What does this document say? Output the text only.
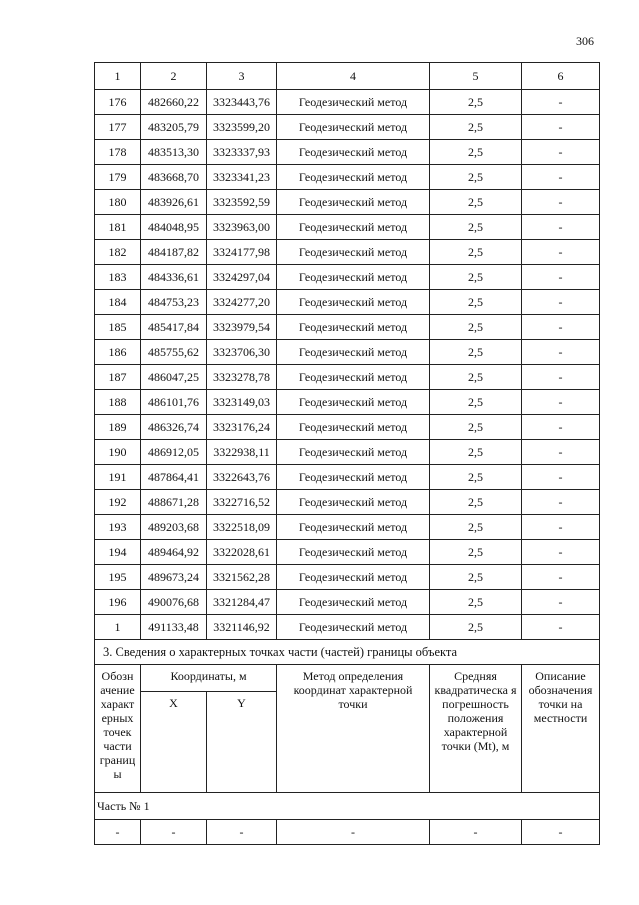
306
1	2	3	4	5	6
176	482660,22	3323443,76	Геодезический метод	2,5	-
177	483205,79	3323599,20	Геодезический метод	2,5	-
178	483513,30	3323337,93	Геодезический метод	2,5	-
179	483668,70	3323341,23	Геодезический метод	2,5	-
180	483926,61	3323592,59	Геодезический метод	2,5	-
181	484048,95	3323963,00	Геодезический метод	2,5	-
182	484187,82	3324177,98	Геодезический метод	2,5	-
183	484336,61	3324297,04	Геодезический метод	2,5	-
184	484753,23	3324277,20	Геодезический метод	2,5	-
185	485417,84	3323979,54	Геодезический метод	2,5	-
186	485755,62	3323706,30	Геодезический метод	2,5	-
187	486047,25	3323278,78	Геодезический метод	2,5	-
188	486101,76	3323149,03	Геодезический метод	2,5	-
189	486326,74	3323176,24	Геодезический метод	2,5	-
190	486912,05	3322938,11	Геодезический метод	2,5	-
191	487864,41	3322643,76	Геодезический метод	2,5	-
192	488671,28	3322716,52	Геодезический метод	2,5	-
193	489203,68	3322518,09	Геодезический метод	2,5	-
194	489464,92	3322028,61	Геодезический метод	2,5	-
195	489673,24	3321562,28	Геодезический метод	2,5	-
196	490076,68	3321284,47	Геодезический метод	2,5	-
1	491133,48	3321146,92	Геодезический метод	2,5	-
3. Сведения о характерных точках части (частей) границы объекта					
Обозн ачение характ ерных точек части границ ы	Координаты, м		Метод определения координат характерной точки	Средняя квадратическа я погрешность положения характерной точки (Mt), м	Описание обозначения точки на местности
	X	Y			
Часть № 1					
-	-	-	-	-	-
